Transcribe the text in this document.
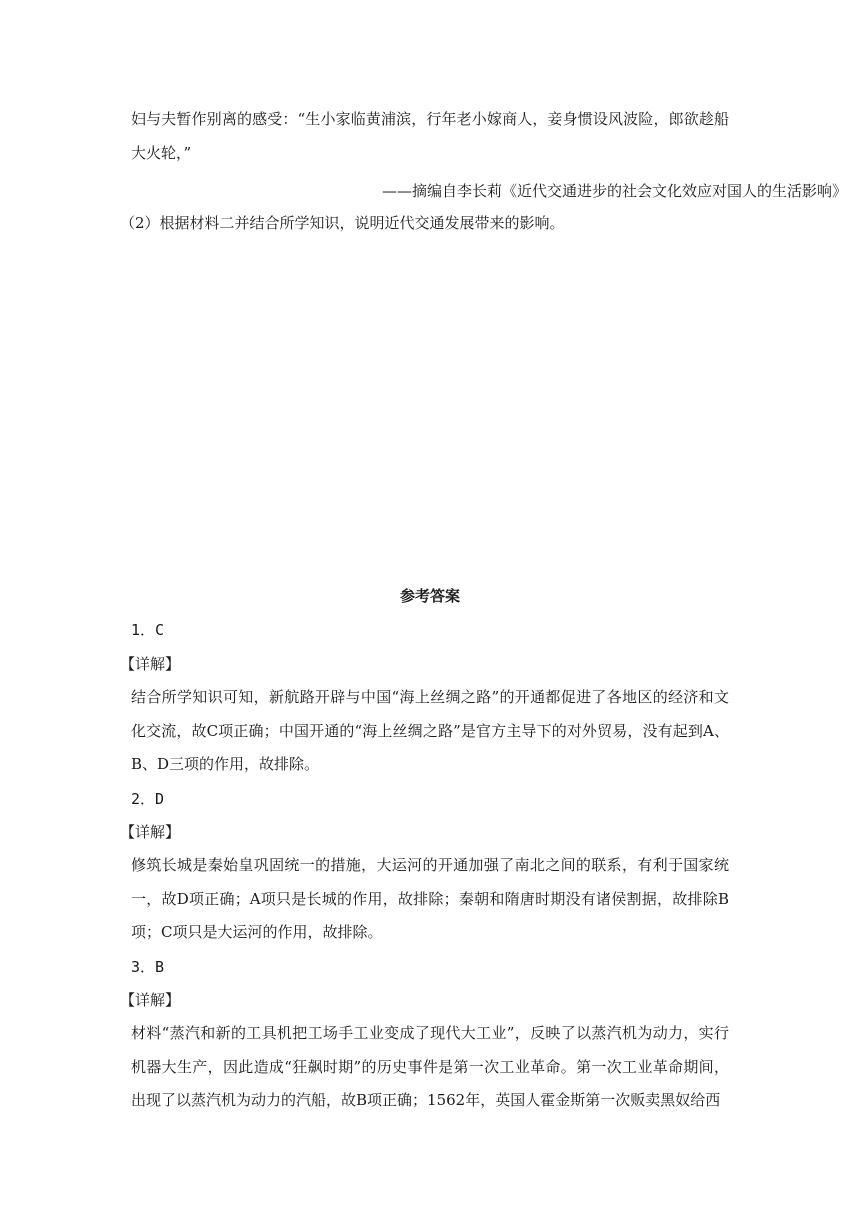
妇与夫暂作别离的感受：“生小家临黄浦滨，行年老小嫁商人，妾身惯设风波险，郎欲趁船大火轮，”
——摘编自李长莉《近代交通进步的社会文化效应对国人的生活影响》
（2）根据材料二并结合所学知识，说明近代交通发展带来的影响。
参考答案
1．C
【详解】
结合所学知识可知，新航路开辟与中国“海上丝绸之路”的开通都促进了各地区的经济和文化交流，故C项正确；中国开通的“海上丝绸之路”是官方主导下的对外贸易，没有起到A、B、D三项的作用，故排除。
2．D
【详解】
修筑长城是秦始皇巩固统一的措施，大运河的开通加强了南北之间的联系，有利于国家统一，故D项正确；A项只是长城的作用，故排除；秦朝和隋唐时期没有诸侯割据，故排除B项；C项只是大运河的作用，故排除。
3．B
【详解】
材料“蒸汽和新的工具机把工场手工业变成了现代大工业”，反映了以蒸汽机为动力，实行机器大生产，因此造成“狂飙时期”的历史事件是第一次工业革命。第一次工业革命期间，出现了以蒸汽机为动力的汽船，故B项正确；1562年，英国人霍金斯第一次贩卖黑奴给西
